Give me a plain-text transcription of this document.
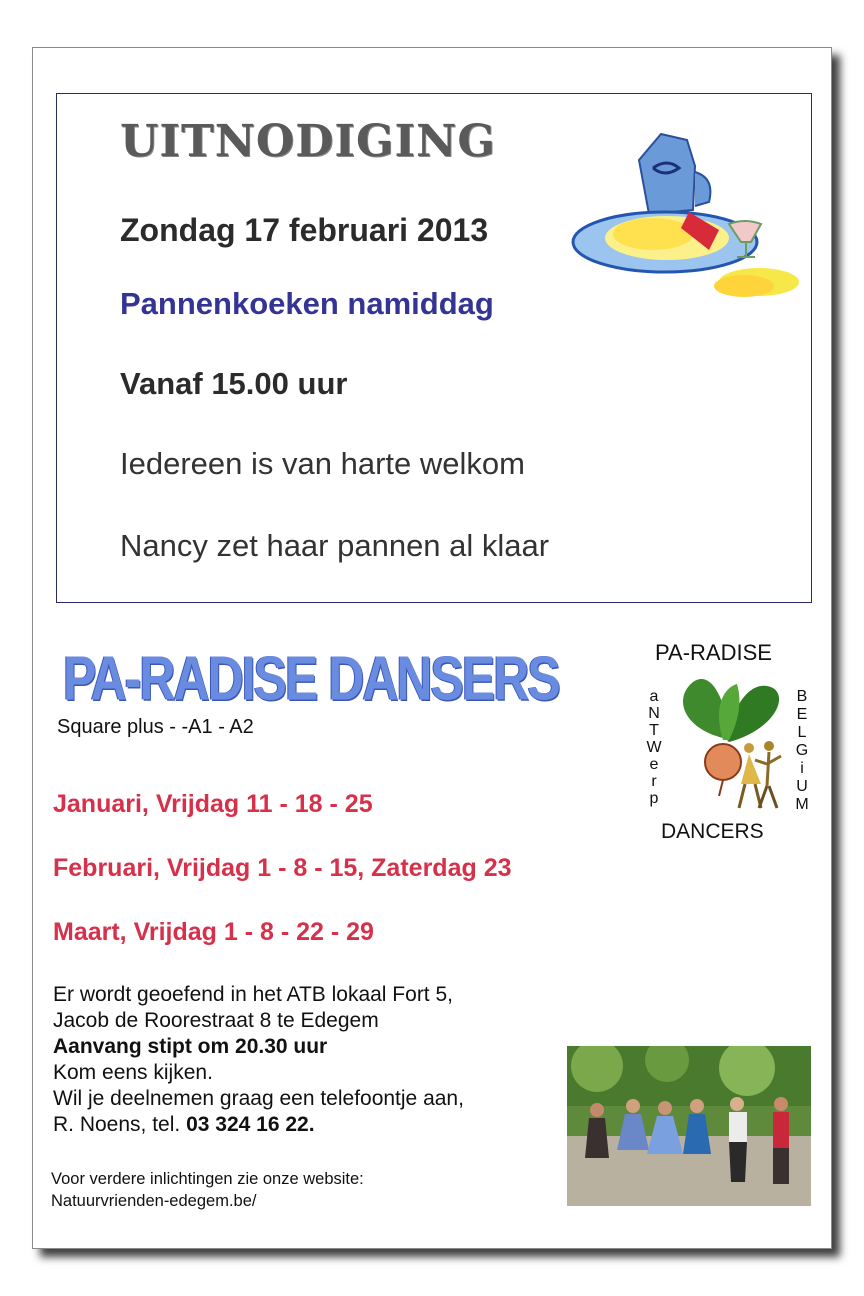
UITNODIGING
Zondag 17 februari 2013
Pannenkoeken namiddag
Vanaf 15.00 uur
Iedereen is van harte welkom
Nancy zet haar pannen al klaar
PA-RADISE DANSERS
Square plus - -A1 - A2
Januari, Vrijdag 11 - 18 - 25
Februari, Vrijdag 1 - 8 - 15, Zaterdag 23
Maart, Vrijdag 1 - 8 - 22 - 29
Er wordt geoefend in het ATB lokaal Fort 5,
Jacob de Roorestraat 8 te Edegem
Aanvang stipt om 20.30 uur
Kom eens kijken.
Wil je deelnemen graag een telefoontje aan,
R. Noens, tel. 03 324 16 22.
Voor verdere inlichtingen zie onze website:
Natuurvrienden-edegem.be/
PA-RADISE
a
N
T
W
e
r
p
B
E
L
G
i
U
M
DANCERS
